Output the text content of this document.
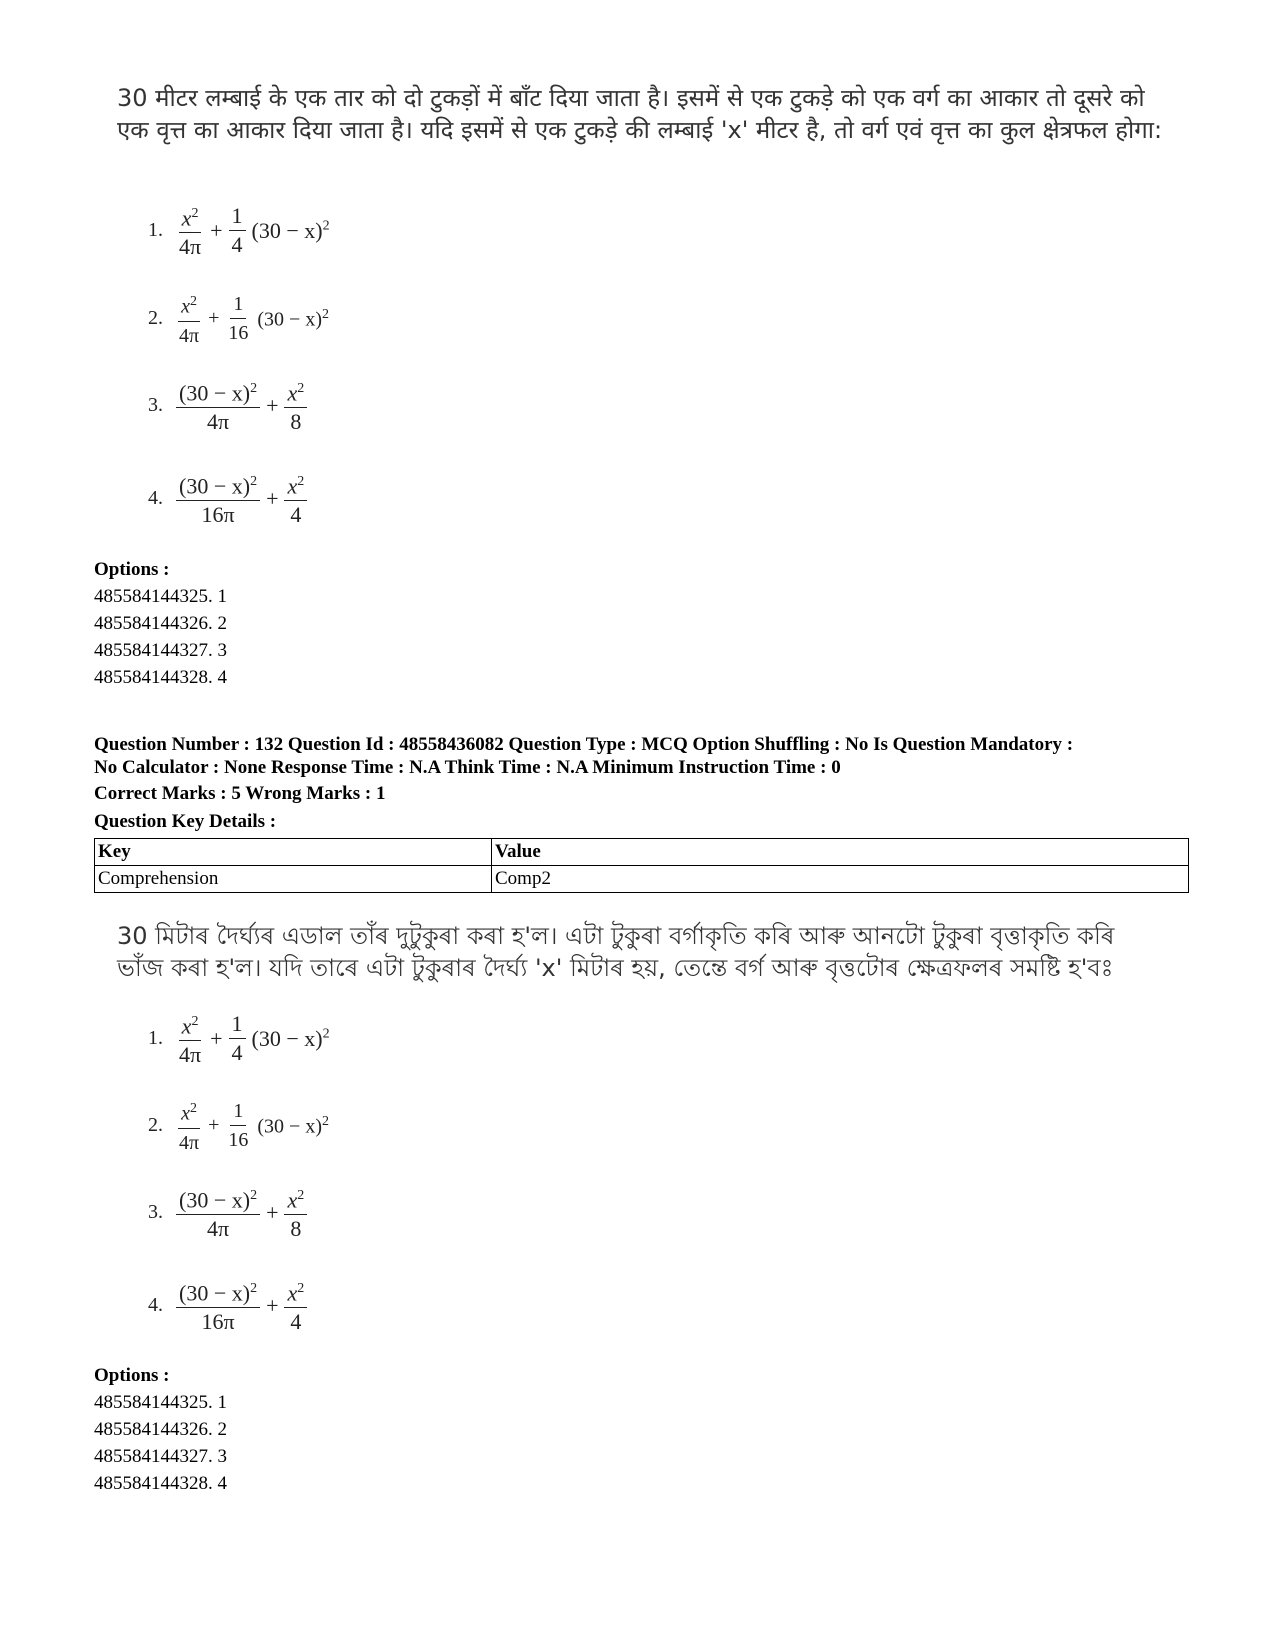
30 मीटर लम्बाई के एक तार को दो टुकड़ों में बाँट दिया जाता है। इसमें से एक टुकड़े को एक वर्ग का आकार तो दूसरे को एक वृत्त का आकार दिया जाता है। यदि इसमें से एक टुकड़े की लम्बाई 'x' मीटर है, तो वर्ग एवं वृत्त का कुल क्षेत्रफल होगा:
1. $\frac{x^2}{4\pi} + \frac{1}{4} (30 - x)^2$
2. $\frac{x^2}{4\pi} + \frac{1}{16} (30 - x)^2$
3. $\frac{(30 - x)^2}{4\pi} + \frac{x^2}{8}$
4. $\frac{(30 - x)^2}{16\pi} + \frac{x^2}{4}$
Options :
485584144325. 1
485584144326. 2
485584144327. 3
485584144328. 4
Question Number : 132 Question Id : 48558436082 Question Type : MCQ Option Shuffling : No Is Question Mandatory :
No Calculator : None Response Time : N.A Think Time : N.A Minimum Instruction Time : 0
Correct Marks : 5 Wrong Marks : 1
Question Key Details :
Key	Value
Comprehension	Comp2
30 মিটাৰ দৈৰ্ঘ্যৰ এডাল তাঁৰ দুটুকুৰা কৰা হ'ল। এটা টুকুৰা বৰ্গাকৃতি কৰি আৰু আনটো টুকুৰা বৃত্তাকৃতি কৰি ভাঁজ কৰা হ'ল। যদি তাৰে এটা টুকুৰাৰ দৈৰ্ঘ্য 'x' মিটাৰ হয়, তেন্তে বৰ্গ আৰু বৃত্তটোৰ ক্ষেত্ৰফলৰ সমষ্টি হ'বঃ
1. $\frac{x^2}{4\pi} + \frac{1}{4} (30 - x)^2$
2. $\frac{x^2}{4\pi} + \frac{1}{16} (30 - x)^2$
3. $\frac{(30 - x)^2}{4\pi} + \frac{x^2}{8}$
4. $\frac{(30 - x)^2}{16\pi} + \frac{x^2}{4}$
Options :
485584144325. 1
485584144326. 2
485584144327. 3
485584144328. 4
